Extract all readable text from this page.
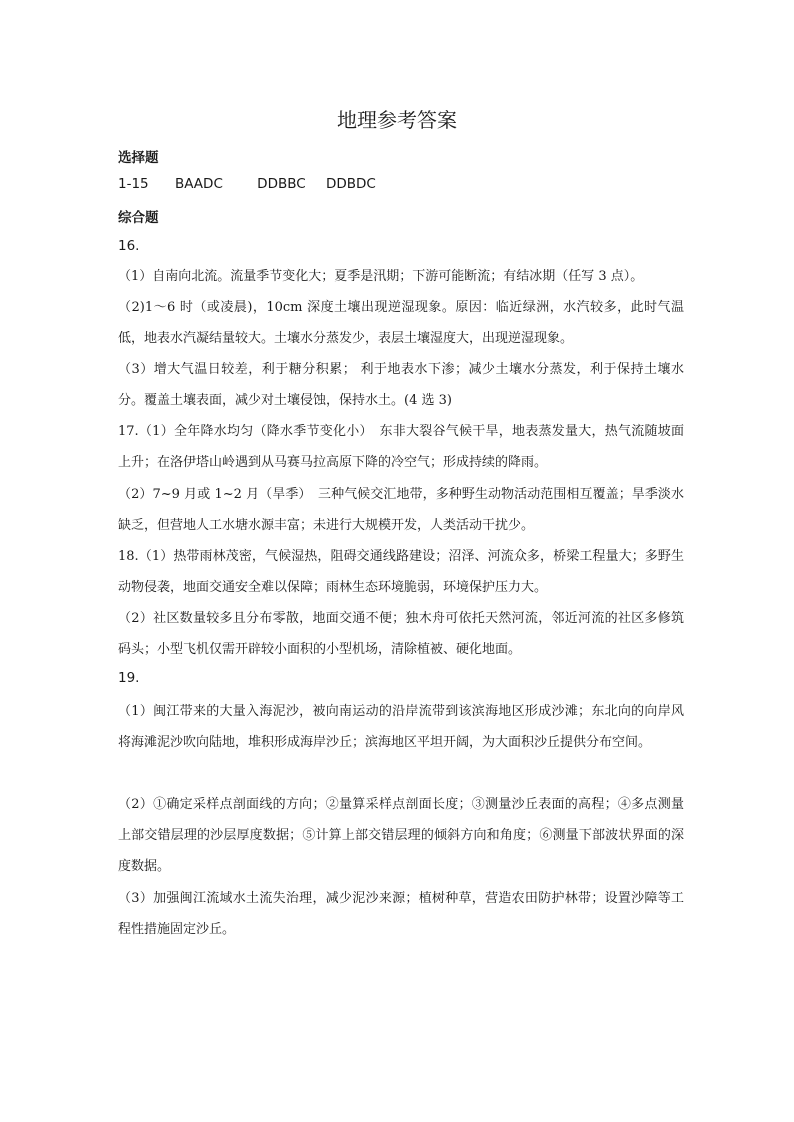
地理参考答案
选择题
1-15 BAADC	DDBBC DDBDC
综合题
16.
（1）自南向北流。流量季节变化大；夏季是汛期；下游可能断流；有结冰期（任写 3 点）。
（2)1～6 时（或凌晨)，10cm 深度土壤出现逆湿现象。原因：临近绿洲，水汽较多，此时气温低，地表水汽凝结量较大。土壤水分蒸发少，表层土壤湿度大，出现逆湿现象。
（3）增大气温日较差，利于糖分积累； 利于地表水下渗；减少土壤水分蒸发，利于保持土壤水分。覆盖土壤表面，减少对土壤侵蚀，保持水土。(4 选 3)
17.（1）全年降水均匀（降水季节变化小）　东非大裂谷气候干旱，地表蒸发量大，热气流随坡面上升；在洛伊塔山岭遇到从马赛马拉高原下降的冷空气；形成持续的降雨。
（2）7~9 月或 1~2 月（旱季）　三种气候交汇地带，多种野生动物活动范围相互覆盖；旱季淡水缺乏，但营地人工水塘水源丰富；未进行大规模开发，人类活动干扰少。
18.（1）热带雨林茂密，气候湿热，阻碍交通线路建设；沼泽、河流众多，桥梁工程量大；多野生动物侵袭，地面交通安全难以保障；雨林生态环境脆弱，环境保护压力大。
（2）社区数量较多且分布零散，地面交通不便；独木舟可依托天然河流，邻近河流的社区多修筑码头；小型飞机仅需开辟较小面积的小型机场，清除植被、硬化地面。
19.
（1）闽江带来的大量入海泥沙，被向南运动的沿岸流带到该滨海地区形成沙滩；东北向的向岸风将海滩泥沙吹向陆地，堆积形成海岸沙丘；滨海地区平坦开阔，为大面积沙丘提供分布空间。
（2）①确定采样点剖面线的方向；②量算采样点剖面长度；③测量沙丘表面的高程；④多点测量上部交错层理的沙层厚度数据；⑤计算上部交错层理的倾斜方向和角度；⑥测量下部波状界面的深度数据。
（3）加强闽江流域水土流失治理，减少泥沙来源；植树种草，营造农田防护林带；设置沙障等工程性措施固定沙丘。
